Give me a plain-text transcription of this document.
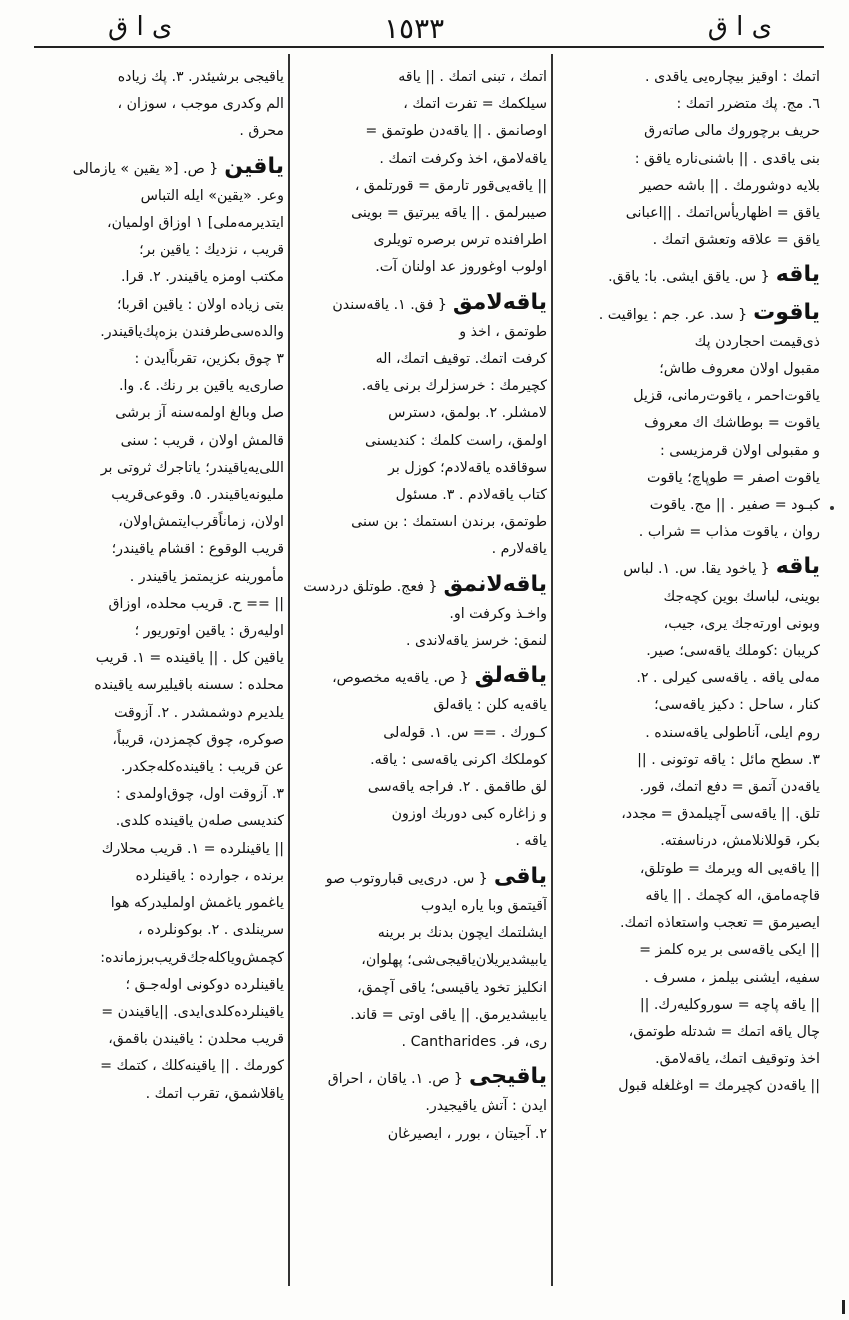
ى ا ق	١٥٣٣	ى ا ق
اتمك : اوقيز بيچاره‌يى ياقدى .
٦. مج. پك متضرر اتمك :
حريف برچوروك مالى صاته‌رق
بنى ياقدى . || باشنى‌ناره ياقق :
بلايه دوشورمك . || باشه حصير
ياقق = اظهاريأس‌اتمك . ||اعبانى
ياقق = علاقه وتعشق اتمك .
ياقه{ س. ياقق ايشى. با: ياقق.
ياقوت{ سد. عر. جم : يواقيت .
ذى‌قيمت احجاردن پك
مقبول اولان معروف طاش؛
ياقوت‌احمر ، ياقوت‌رمانى، قزيل
ياقوت = بوطاشك اك معروف
و مقبولى اولان قرمزيسى :
ياقوت اصفر = طوپاچ؛ ياقوت
كبـود = صفير . || مج. ياقوت
روان ، ياقوت مذاب = شراب .
ياقه{ ياخود يقا. س. ١. لباس
بوينى، لباسك بوين كچه‌جك
وبونى اورته‌جك يرى، جيب،
كريبان :كوملك ياقه‌سى؛ صير.
مه‌لى ياقه . ياقه‌سى كيرلى . ٢.
كنار ، ساحل : دكيز ياقه‌سى؛
روم ايلى، آناطولى ياقه‌سنده .
٣. سطح مائل : ياقه توتونى . ||
ياقه‌دن آتمق = دفع اتمك، قور.
تلق. || ياقه‌سى آچيلمدق = مجدد،
بكر، قوللانلامش، درناسفته.
|| ياقه‌يى اله ويرمك = طوتلق،
قاچه‌مامق، اله كچمك . || ياقه
ايصيرمق = تعجب واستعاذه اتمك.
|| ايكى ياقه‌سى بر يره كلمز =
سفيه، ايشنى بيلمز ، مسرف .
|| ياقه پاچه = سوروكليه‌رك. ||
چال ياقه اتمك = شدتله طوتمق،
اخذ وتوقيف اتمك، ياقه‌لامق.
|| ياقه‌دن كچيرمك = اوغلغله قبول
اتمك ، تبنى اتمك . || ياقه
سيلكمك = تفرت اتمك ،
اوصانمق . || ياقه‌دن طوتمق =
ياقه‌لامق، اخذ وكرفت اتمك .
|| ياقه‌يى‌قور تارمق = قورتلمق ،
صيبرلمق . || ياقه يبرتيق = بوينى
اطرافنده ترس برصره تويلرى
اولوب اوغوروز عد اولنان آت.
ياقه‌لامق{ فق. ١. ياقه‌سندن
طوتمق ، اخذ و
كرفت اتمك. توقيف اتمك، اله
كچيرمك : خرسزلرك برنى ياقه.
لامشلر. ٢. بولمق، دسترس
اولمق، راست كلمك : كنديسنى
سوقاقده ياقه‌لادم؛ كوزل بر
كتاب ياقه‌لادم . ٣. مسئول
طوتمق، برندن اىستمك : بن سنى
ياقه‌لارم .
ياقه‌لانمق{ فعج. طوتلق دردست
واخـذ وكرفت او.
لنمق: خرسز ياقه‌لاندى .
ياقه‌لق{ ص. ياقه‌يه مخصوص،
ياقه‌يه كلن : ياقه‌لق
كـورك . == س. ١. قوله‌لى
كوملكك اكرنى ياقه‌سى : ياقه.
لق طاقمق . ٢. فراجه ياقه‌سى
و زاغاره كبى دوربك اوزون
ياقه .
ياقى{ س. درى‌يى قباروتوب صو
آقيتمق وبا ياره ايدوب
ايشلتمك ايچون بدنك بر برينه
يابيشديريلان‌ياقيجى‌شى؛ پهلوان،
انكليز تخود ياقيسى؛ ياقى آچمق،
يابيشديرمق. || ياقى اوتى = قاند.
رى، فر. Cantharides .
ياقيجى{ ص. ١. ياقان ، احراق
ايدن : آتش ياقيجيدر.
٢. آجيتان ، بورر ، ايصيرغان
ياقيجى برشيئدر. ٣. پك زياده
الم وكدرى موجب ، سوزان ،
محرق .
ياقين{ ص. [« يقين » يازمالى
وعر. «يقين» ايله التباس
ايتديرمه‌ملى] ١ اوزاق اولميان،
قريب ، نزديك : ياقين بر؛
مكتب اومزه ياقيندر. ٢. قرا.
بتى زياده اولان : ياقين اقربا؛
والده‌سى‌طرفندن بزه‌پك‌ياقيندر.
٣ چوق بكزين، تقرباًايدن :
صارى‌يه ياقين بر رنك. ٤. وا.
صل وبالغ اولمه‌سنه آز برشى
قالمش اولان ، قريب : سنى
اللى‌يه‌ياقيندر؛ ياتاجرك ثروتى بر
مليونه‌ياقيندر. ٥. وقوعى‌قريب
اولان، زماناً‌قرب‌ايتمش‌اولان،
قريب الوقوع : اقشام ياقيندر؛
مأمورينه عزيمتمز ياقيندر .
|| == ح. قريب محلده، اوزاق
اوليه‌رق : ياقين اوتوريور ؛
ياقين كل . || ياقينده = ١. قريب
محلده : سسنه باقيليرسه ياقينده
يلديرم دوشمشدر . ٢. آزوقت
صوكره، چوق كچمزدن، قريباً،
عن قريب : ياقينده‌كله‌جكدر.
٣. آزوقت اول، چوق‌اولمدى :
كنديسى صله‌ن ياقينده كلدى.
|| ياقينلرده = ١. قريب محلارك
برنده ، جوارده : ياقينلرده
ياغمور ياغمش اولمليدركه هوا
سرينلدى . ٢. بوكونلرده ،
كچمش‌وياكله‌جك‌قريب‌برزمانده:
ياقينلرده دوكونى اوله‌جـق ؛
ياقينلرده‌كلدى‌ايدى. ||ياقيندن =
قريب محلدن : ياقيندن باقمق،
كورمك . || ياقينه‌كلك ، كتمك =
ياقلاشمق، تقرب اتمك .
